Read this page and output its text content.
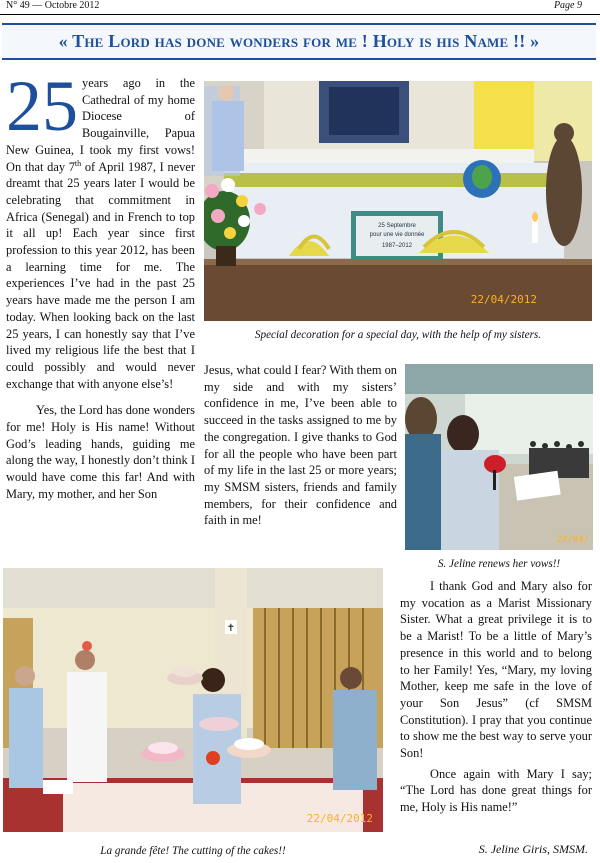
N° 49 — Octobre 2012	Page 9
« The Lord has done wonders for me ! Holy is his Name !! »

25 years ago in the Cathedral of my home Diocese of Bougainville, Papua New Guinea, I took my first vows! On that day 7th of April 1987, I never dreamt that 25 years later I would be celebrating that commitment in Africa (Senegal) and in French to top it all up! Each year since first profession to this year 2012, has been a learning time for me. The experiences I’ve had in the past 25 years have made me the person I am today. When looking back on the last 25 years, I can honestly say that I’ve lived my religious life the best that I could possibly and would never exchange that with anyone else’s!

Yes, the Lord has done wonders for me! Holy is His name! Without God’s leading hands, guiding me along the way, I honestly don’t think I would have come this far! And with Mary, my mother, and her Son

25 Septembre
pour une vie donnée
1987–2012
22/04/2012
Special decoration for a special day, with the help of my sisters.

Jesus, what could I fear? With them on my side and with my sisters’ confidence in me, I’ve been able to succeed in the tasks assigned to me by the congregation. I give thanks to God for all the people who have been part of my life in the last 25 or more years; my SMSM sisters, friends and family members, for their confidence and faith in me!

22/04/
S. Jeline renews her vows!!
✝
22/04/2012
La grande fête! The cutting of the cakes!!

I thank God and Mary also for my vocation as a Marist Missionary Sister. What a great privilege it is to be a Marist! To be a little of Mary’s presence in this world and to belong to her Family! Yes, “Mary, my loving Mother, keep me safe in the love of your Son Jesus” (cf SMSM Constitution). I pray that you continue to show me the best way to serve your Son!

Once again with Mary I say; “The Lord has done great things for me, Holy is His name!”

S. Jeline Giris, SMSM.
